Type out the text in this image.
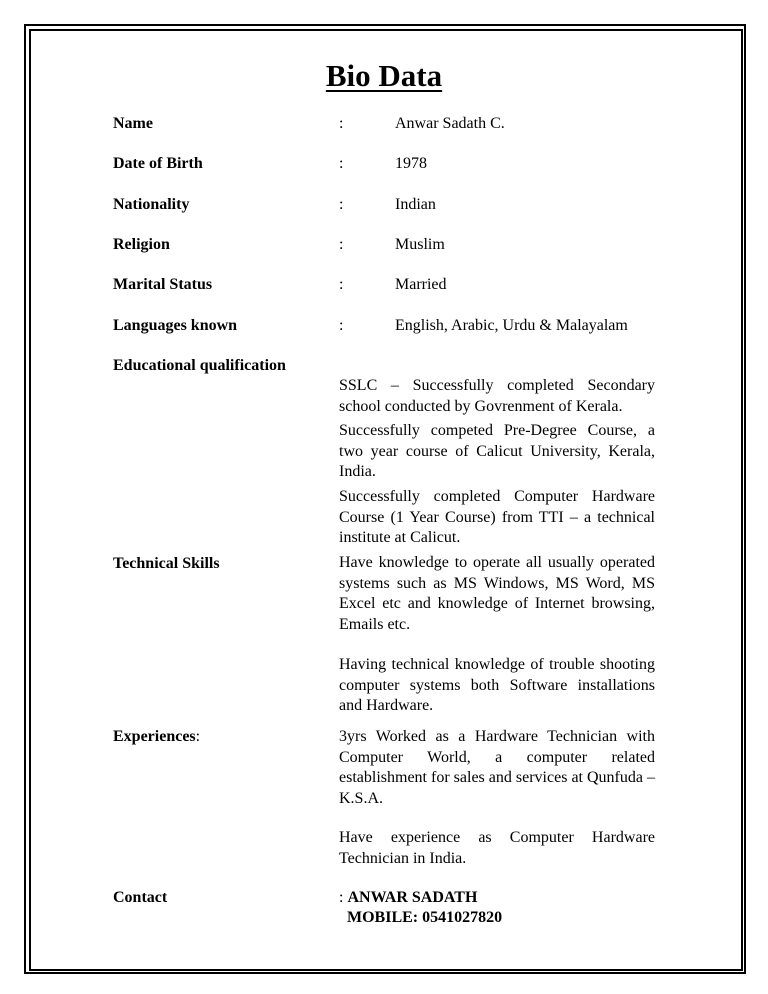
Bio Data
Name	:	Anwar Sadath C.
Date of Birth	:	1978
Nationality	:	Indian
Religion	:	Muslim
Marital Status	:	Married
Languages known	:	English, Arabic, Urdu & Malayalam
Educational qualification
SSLC – Successfully completed Secondary school conducted by Govrenment of Kerala.
Successfully competed Pre-Degree Course, a two year course of Calicut University, Kerala, India.
Successfully completed Computer Hardware Course (1 Year Course) from TTI – a technical institute at Calicut.
Technical Skills	Have knowledge to operate all usually operated systems such as MS Windows, MS Word, MS Excel etc and knowledge of Internet browsing, Emails etc.
Having technical knowledge of trouble shooting computer systems both Software installations and Hardware.
Experiences:	3yrs Worked as a Hardware Technician with Computer World, a computer related establishment for sales and services at Qunfuda – K.S.A.
Have experience as Computer Hardware Technician in India.
Contact	: ANWAR SADATH
MOBILE: 0541027820
